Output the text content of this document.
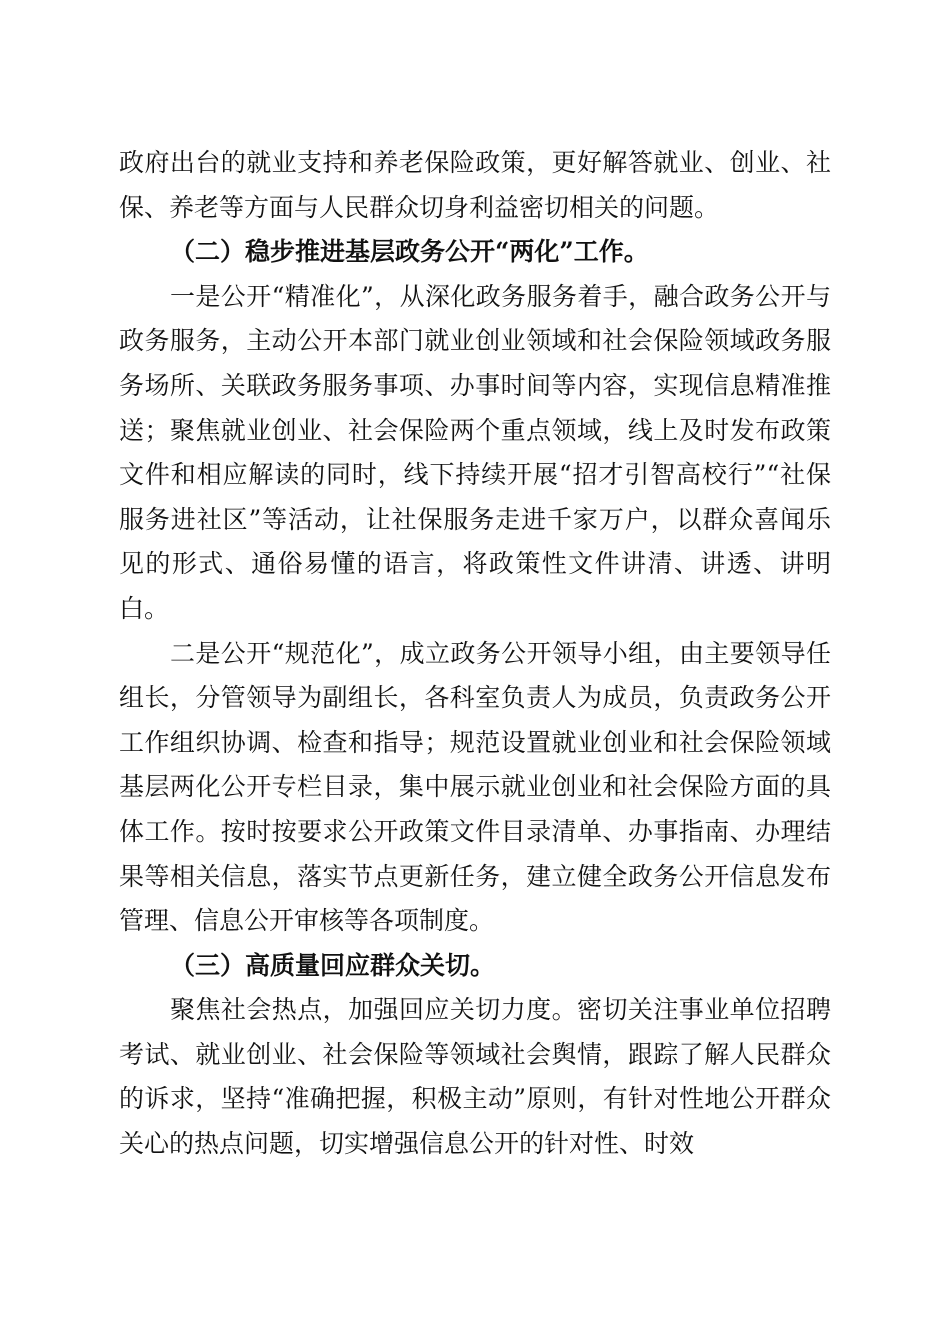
政府出台的就业支持和养老保险政策，更好解答就业、创业、社保、养老等方面与人民群众切身利益密切相关的问题。

（二）稳步推进基层政务公开“两化”工作。

一是公开“精准化”，从深化政务服务着手，融合政务公开与政务服务，主动公开本部门就业创业领域和社会保险领域政务服务场所、关联政务服务事项、办事时间等内容，实现信息精准推送；聚焦就业创业、社会保险两个重点领域，线上及时发布政策文件和相应解读的同时，线下持续开展“招才引智高校行”“社保服务进社区”等活动，让社保服务走进千家万户，以群众喜闻乐见的形式、通俗易懂的语言，将政策性文件讲清、讲透、讲明白。

二是公开“规范化”，成立政务公开领导小组，由主要领导任组长，分管领导为副组长，各科室负责人为成员，负责政务公开工作组织协调、检查和指导；规范设置就业创业和社会保险领域基层两化公开专栏目录，集中展示就业创业和社会保险方面的具体工作。按时按要求公开政策文件目录清单、办事指南、办理结果等相关信息，落实节点更新任务，建立健全政务公开信息发布管理、信息公开审核等各项制度。

（三）高质量回应群众关切。

聚焦社会热点，加强回应关切力度。密切关注事业单位招聘考试、就业创业、社会保险等领域社会舆情，跟踪了解人民群众的诉求，坚持“准确把握，积极主动”原则，有针对性地公开群众关心的热点问题，切实增强信息公开的针对性、时效
